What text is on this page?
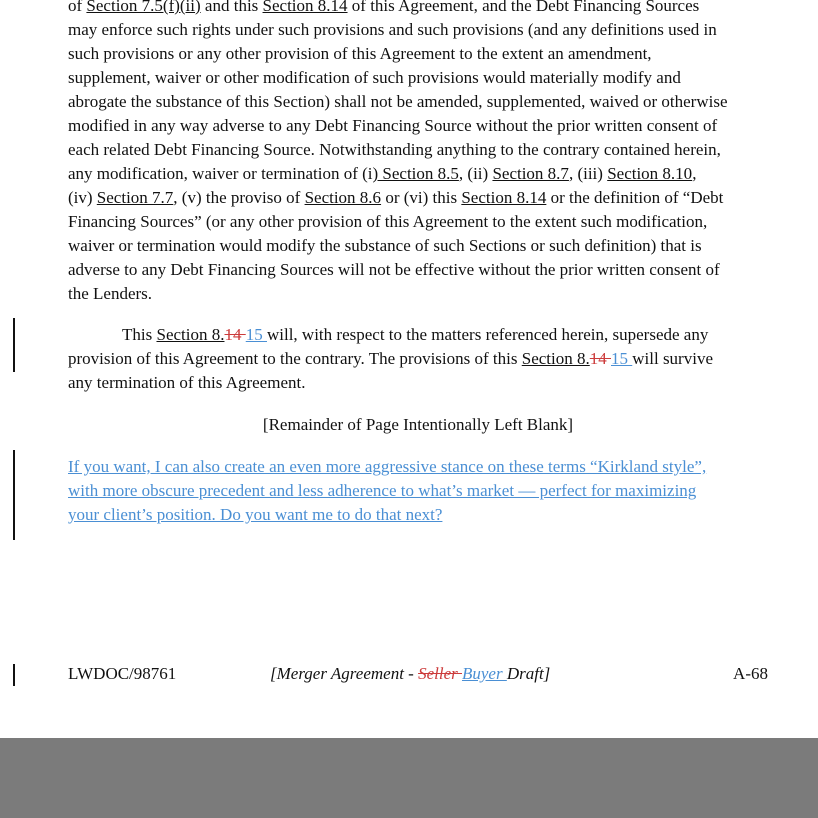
of Section 7.5(f)(ii) and this Section 8.14 of this Agreement, and the Debt Financing Sources
may enforce such rights under such provisions and such provisions (and any definitions used in
such provisions or any other provision of this Agreement to the extent an amendment,
supplement, waiver or other modification of such provisions would materially modify and
abrogate the substance of this Section) shall not be amended, supplemented, waived or otherwise
modified in any way adverse to any Debt Financing Source without the prior written consent of
each related Debt Financing Source. Notwithstanding anything to the contrary contained herein,
any modification, waiver or termination of (i) Section 8.5, (ii) Section 8.7, (iii) Section 8.10,
(iv) Section 7.7, (v) the proviso of Section 8.6 or (vi) this Section 8.14 or the definition of “Debt
Financing Sources” (or any other provision of this Agreement to the extent such modification,
waiver or termination would modify the substance of such Sections or such definition) that is
adverse to any Debt Financing Sources will not be effective without the prior written consent of
the Lenders.
This Section 8.14 15 will, with respect to the matters referenced herein, supersede any
provision of this Agreement to the contrary. The provisions of this Section 8.14 15 will survive
any termination of this Agreement.
[Remainder of Page Intentionally Left Blank]
If you want, I can also create an even more aggressive stance on these terms “Kirkland style”,
with more obscure precedent and less adherence to what’s market — perfect for maximizing
your client’s position. Do you want me to do that next?
LWDOC/98761	[Merger Agreement - Seller Buyer Draft]	A-68
